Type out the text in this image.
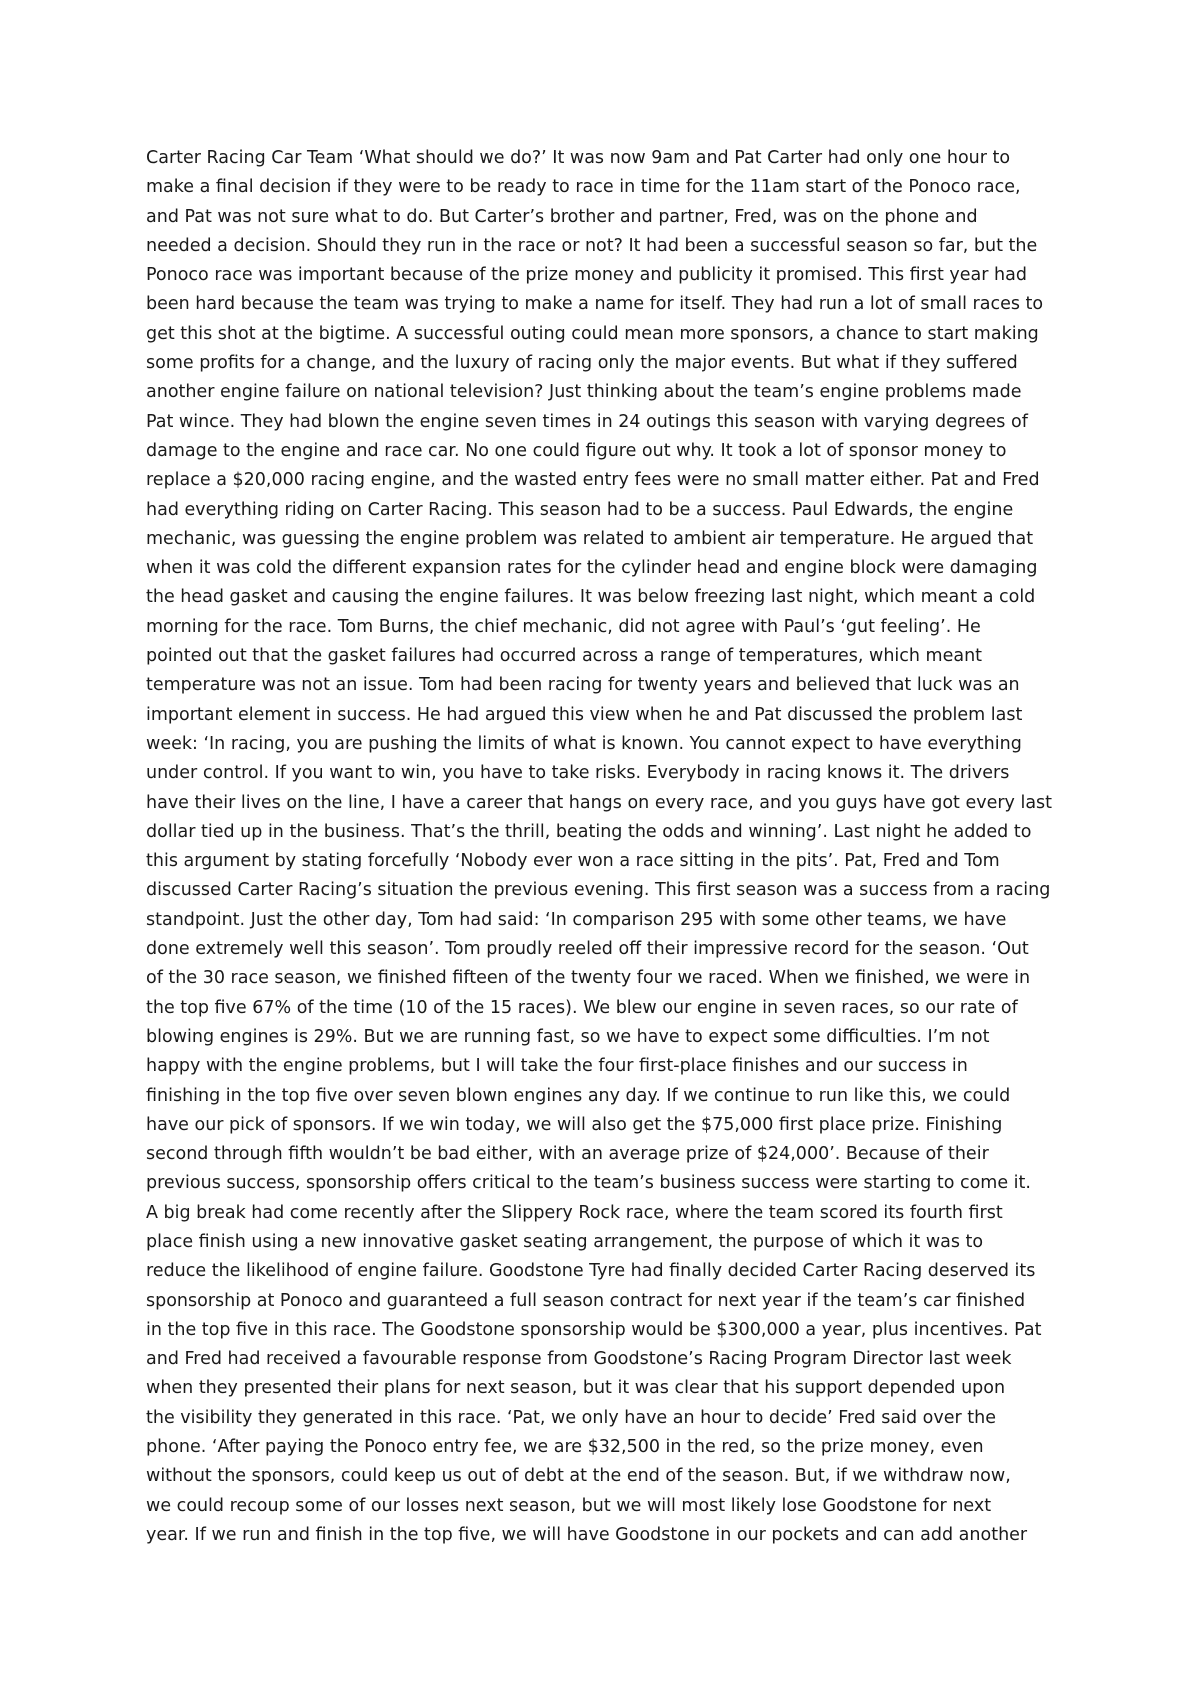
Carter Racing Car Team ‘What should we do?’ It was now 9am and Pat Carter had only one hour to
make a final decision if they were to be ready to race in time for the 11am start of the Ponoco race,
and Pat was not sure what to do. But Carter’s brother and partner, Fred, was on the phone and
needed a decision. Should they run in the race or not? It had been a successful season so far, but the
Ponoco race was important because of the prize money and publicity it promised. This first year had
been hard because the team was trying to make a name for itself. They had run a lot of small races to
get this shot at the bigtime. A successful outing could mean more sponsors, a chance to start making
some profits for a change, and the luxury of racing only the major events. But what if they suffered
another engine failure on national television? Just thinking about the team’s engine problems made
Pat wince. They had blown the engine seven times in 24 outings this season with varying degrees of
damage to the engine and race car. No one could figure out why. It took a lot of sponsor money to
replace a $20,000 racing engine, and the wasted entry fees were no small matter either. Pat and Fred
had everything riding on Carter Racing. This season had to be a success. Paul Edwards, the engine
mechanic, was guessing the engine problem was related to ambient air temperature. He argued that
when it was cold the different expansion rates for the cylinder head and engine block were damaging
the head gasket and causing the engine failures. It was below freezing last night, which meant a cold
morning for the race. Tom Burns, the chief mechanic, did not agree with Paul’s ‘gut feeling’. He
pointed out that the gasket failures had occurred across a range of temperatures, which meant
temperature was not an issue. Tom had been racing for twenty years and believed that luck was an
important element in success. He had argued this view when he and Pat discussed the problem last
week: ‘In racing, you are pushing the limits of what is known. You cannot expect to have everything
under control. If you want to win, you have to take risks. Everybody in racing knows it. The drivers
have their lives on the line, I have a career that hangs on every race, and you guys have got every last
dollar tied up in the business. That’s the thrill, beating the odds and winning’. Last night he added to
this argument by stating forcefully ‘Nobody ever won a race sitting in the pits’. Pat, Fred and Tom
discussed Carter Racing’s situation the previous evening. This first season was a success from a racing
standpoint. Just the other day, Tom had said: ‘In comparison 295 with some other teams, we have
done extremely well this season’. Tom proudly reeled off their impressive record for the season. ‘Out
of the 30 race season, we finished fifteen of the twenty four we raced. When we finished, we were in
the top five 67% of the time (10 of the 15 races). We blew our engine in seven races, so our rate of
blowing engines is 29%. But we are running fast, so we have to expect some difficulties. I’m not
happy with the engine problems, but I will take the four first-place finishes and our success in
finishing in the top five over seven blown engines any day. If we continue to run like this, we could
have our pick of sponsors. If we win today, we will also get the $75,000 first place prize. Finishing
second through fifth wouldn’t be bad either, with an average prize of $24,000’. Because of their
previous success, sponsorship offers critical to the team’s business success were starting to come it.
A big break had come recently after the Slippery Rock race, where the team scored its fourth first
place finish using a new innovative gasket seating arrangement, the purpose of which it was to
reduce the likelihood of engine failure. Goodstone Tyre had finally decided Carter Racing deserved its
sponsorship at Ponoco and guaranteed a full season contract for next year if the team’s car finished
in the top five in this race. The Goodstone sponsorship would be $300,000 a year, plus incentives. Pat
and Fred had received a favourable response from Goodstone’s Racing Program Director last week
when they presented their plans for next season, but it was clear that his support depended upon
the visibility they generated in this race. ‘Pat, we only have an hour to decide’ Fred said over the
phone. ‘After paying the Ponoco entry fee, we are $32,500 in the red, so the prize money, even
without the sponsors, could keep us out of debt at the end of the season. But, if we withdraw now,
we could recoup some of our losses next season, but we will most likely lose Goodstone for next
year. If we run and finish in the top five, we will have Goodstone in our pockets and can add another
